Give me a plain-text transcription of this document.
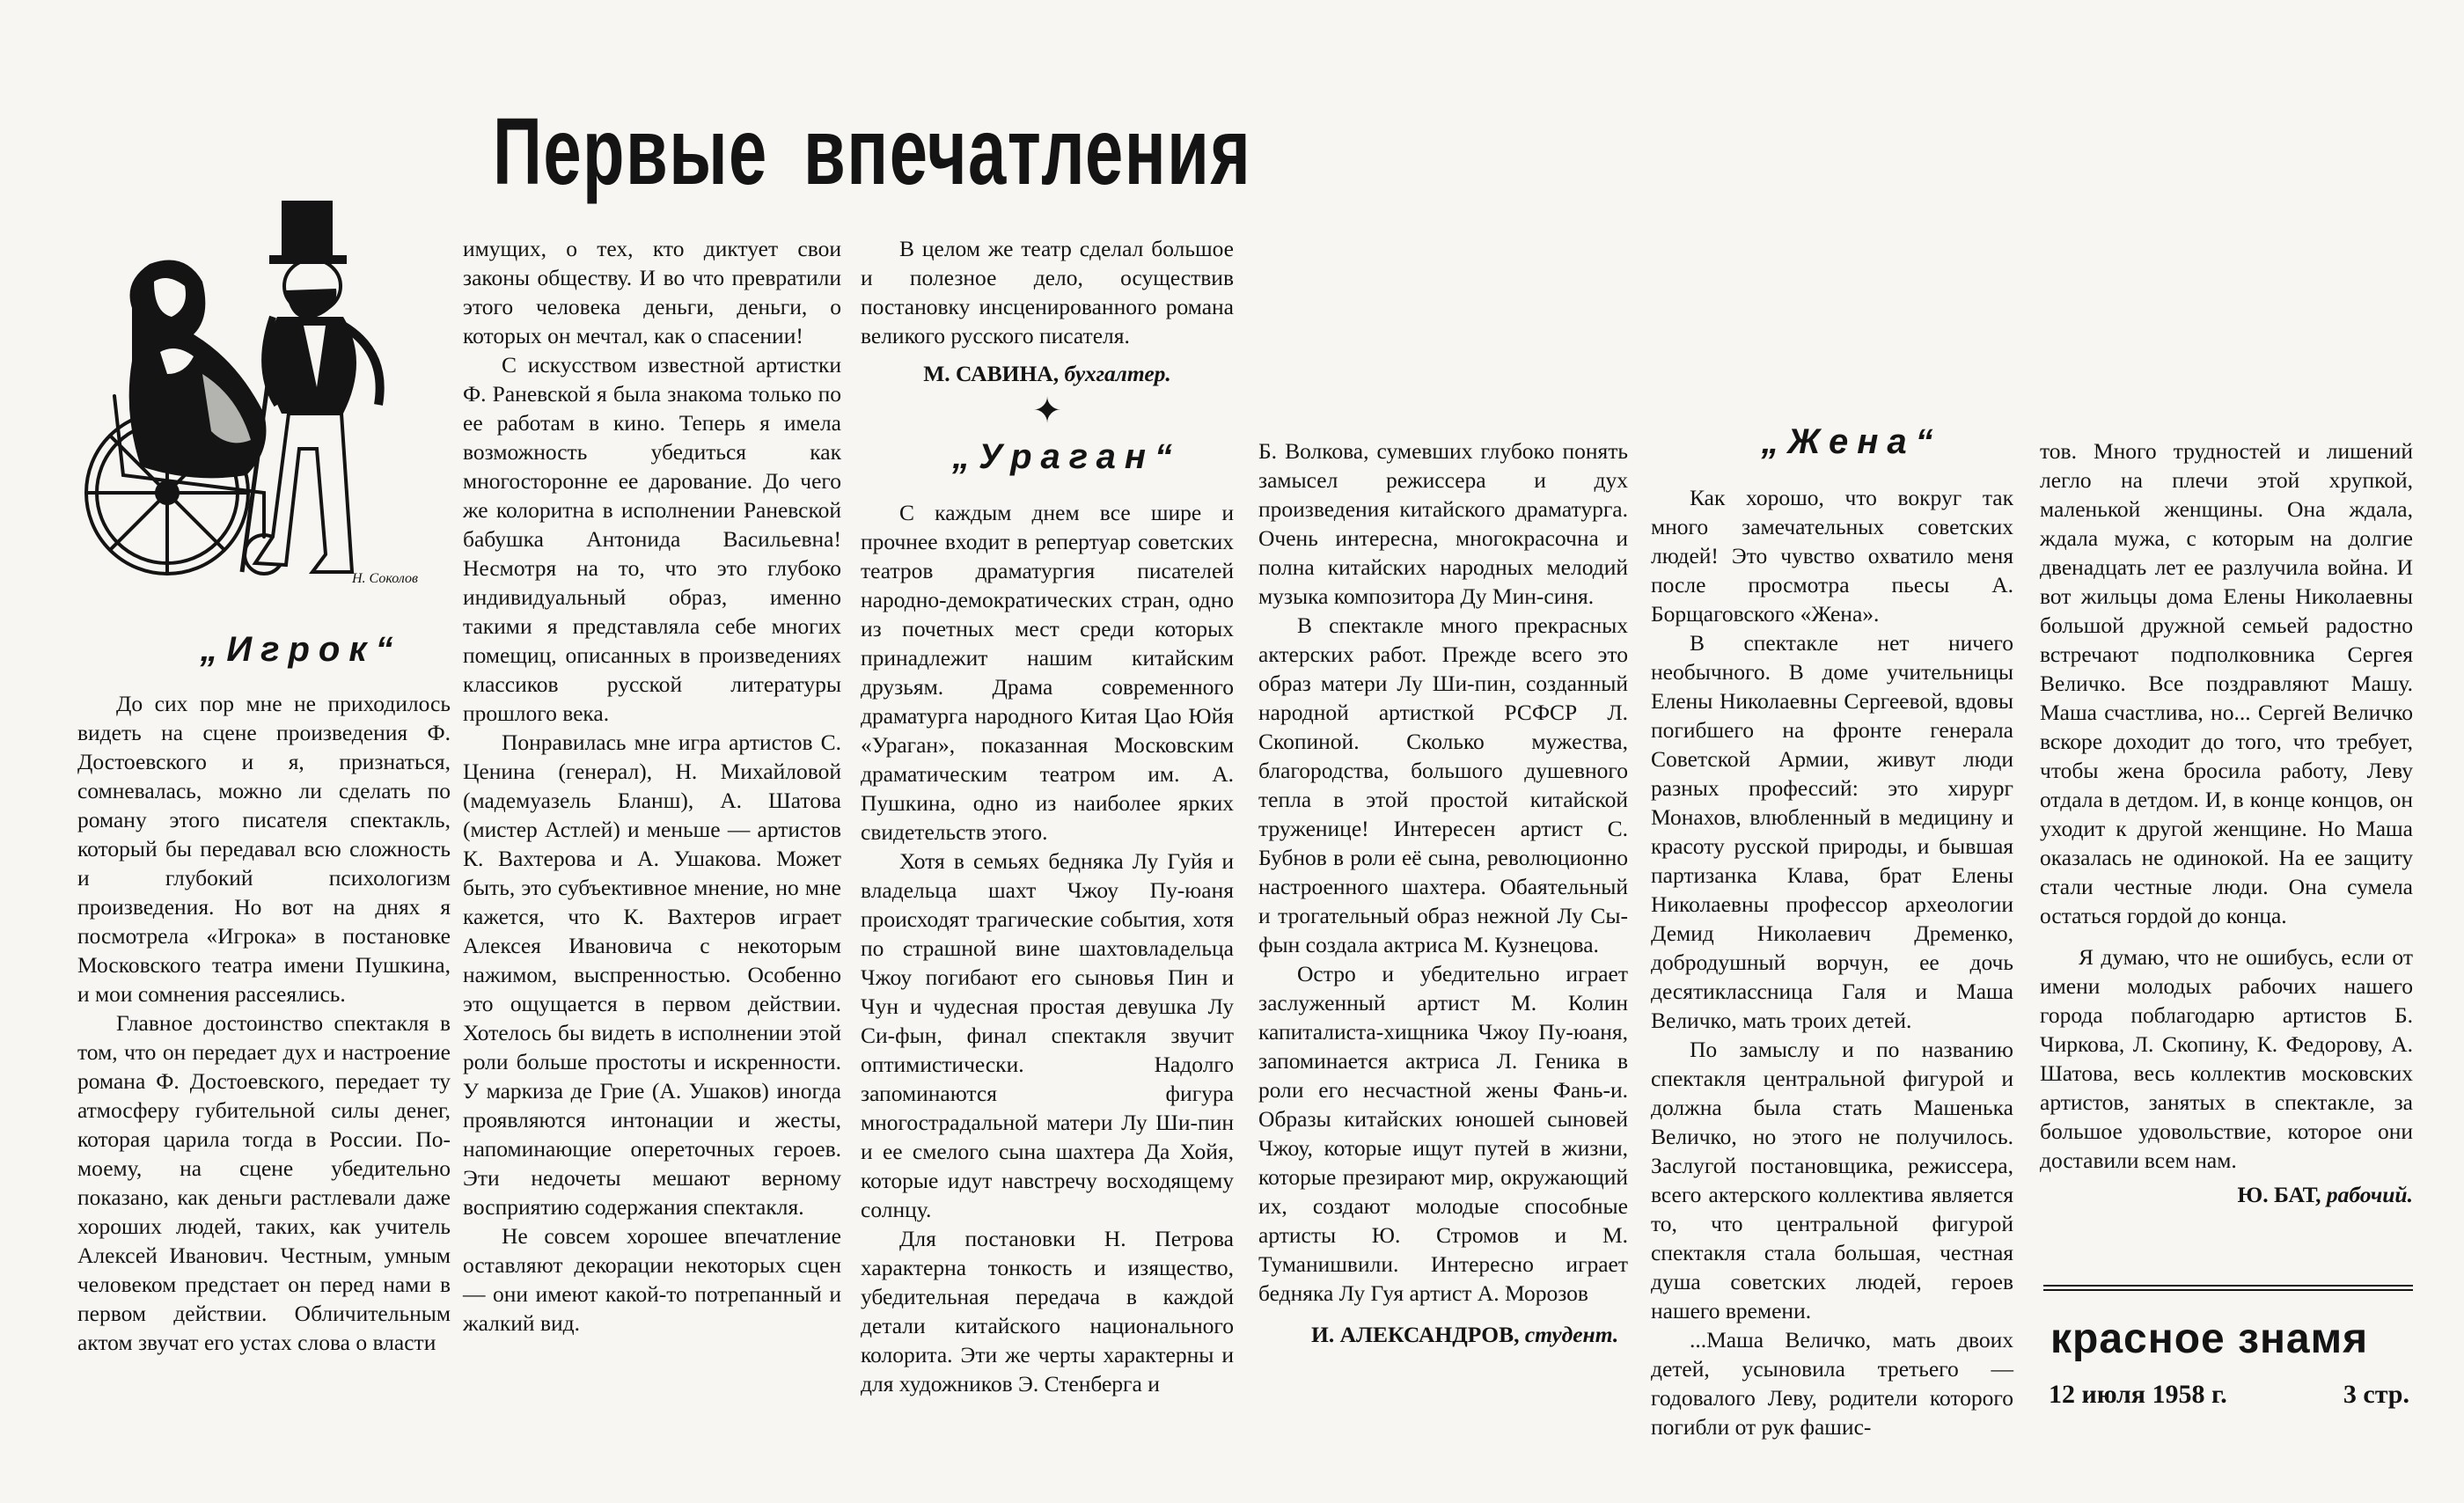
Первые впечатления
Н. Соколов

„Игрок“

До сих пор мне не приходилось видеть на сцене произведения Ф. Достоевского и я, признаться, сомневалась, можно ли сделать по роману этого писателя спектакль, который бы передавал всю сложность и глубокий психологизм произведения. Но вот на днях я посмотрела «Игрока» в постановке Московского театра имени Пушкина, и мои сомнения рассеялись.

Главное достоинство спектакля в том, что он передает дух и настроение романа Ф. Достоевского, передает ту атмосферу губительной силы денег, которая царила тогда в России. По-моему, на сцене убедительно показано, как деньги растлевали даже хороших людей, таких, как учитель Алексей Иванович. Честным, умным человеком предстает он перед нами в первом действии. Обличительным актом звучат его устах слова о власти

имущих, о тех, кто диктует свои законы обществу. И во что превратили этого человека деньги, деньги, о которых он мечтал, как о спасении!

С искусством известной артистки Ф. Раневской я была знакома только по ее работам в кино. Теперь я имела возможность убедиться как многосторонне ее дарование. До чего же колоритна в исполнении Раневской бабушка Антонида Васильевна! Несмотря на то, что это глубоко индивидуальный образ, именно такими я представляла себе многих помещиц, описанных в произведениях классиков русской литературы прошлого века.

Понравилась мне игра артистов С. Ценина (генерал), Н. Михайловой (мадемуазель Бланш), А. Шатова (мистер Астлей) и меньше — артистов К. Вахтерова и А. Ушакова. Может быть, это субъективное мнение, но мне кажется, что К. Вахтеров играет Алексея Ивановича с некоторым нажимом, выспренностью. Особенно это ощущается в первом действии. Хотелось бы видеть в исполнении этой роли больше простоты и искренности. У маркиза де Грие (А. Ушаков) иногда проявляются интонации и жесты, напоминающие опереточных героев. Эти недочеты мешают верному восприятию содержания спектакля.

Не совсем хорошее впечатление оставляют декорации некоторых сцен — они имеют какой-то потрепанный и жалкий вид.

В целом же театр сделал большое и полезное дело, осуществив постановку инсценированного романа великого русского писателя.

М. САВИНА, бухгалтер.

✦

„Ураган“

С каждым днем все шире и прочнее входит в репертуар советских театров драматургия писателей народно-демократических стран, одно из почетных мест среди которых принадлежит нашим китайским друзьям. Драма современного драматурга народного Китая Цао Юйя «Ураган», показанная Московским драматическим театром им. А. Пушкина, одно из наиболее ярких свидетельств этого.

Хотя в семьях бедняка Лу Гуйя и владельца шахт Чжоу Пу-юаня происходят трагические события, хотя по страшной вине шахтовладельца Чжоу погибают его сыновья Пин и Чун и чудесная простая девушка Лу Си-фын, финал спектакля звучит оптимистически. Надолго запоминаются фигура многострадальной матери Лу Ши-пин и ее смелого сына шахтера Да Хойя, которые идут навстречу восходящему солнцу.

Для постановки Н. Петрова характерна тонкость и изящество, убедительная передача в каждой детали китайского национального колорита. Эти же черты характерны и для художников Э. Стенберга и

Б. Волкова, сумевших глубоко понять замысел режиссера и дух произведения китайского драматурга. Очень интересна, многокрасочна и полна китайских народных мелодий музыка композитора Ду Мин-синя.

В спектакле много прекрасных актерских работ. Прежде всего это образ матери Лу Ши-пин, созданный народной артисткой РСФСР Л. Скопиной. Сколько мужества, благородства, большого душевного тепла в этой простой китайской труженице! Интересен артист С. Бубнов в роли её сына, революционно настроенного шахтера. Обаятельный и трогательный образ нежной Лу Сы-фын создала актриса М. Кузнецова.

Остро и убедительно играет заслуженный артист М. Колин капиталиста-хищника Чжоу Пу-юаня, запоминается актриса Л. Геника в роли его несчастной жены Фань-и. Образы китайских юношей сыновей Чжоу, которые ищут путей в жизни, которые презирают мир, окружающий их, создают молодые способные артисты Ю. Стромов и М. Туманишвили. Интересно играет бедняка Лу Гуя артист А. Морозов

И. АЛЕКСАНДРОВ, студент.

„Жена“

Как хорошо, что вокруг так много замечательных советских людей! Это чувство охватило меня после просмотра пьесы А. Борщаговского «Жена».

В спектакле нет ничего необычного. В доме учительницы Елены Николаевны Сергеевой, вдовы погибшего на фронте генерала Советской Армии, живут люди разных профессий: это хирург Монахов, влюбленный в медицину и красоту русской природы, и бывшая партизанка Клава, брат Елены Николаевны профессор археологии Демид Николаевич Дременко, добродушный ворчун, ее дочь десятиклассница Галя и Маша Величко, мать троих детей.

По замыслу и по названию спектакля центральной фигурой и должна была стать Машенька Величко, но этого не получилось. Заслугой постановщика, режиссера, всего актерского коллектива является то, что центральной фигурой спектакля стала большая, честная душа советских людей, героев нашего времени.

...Маша Величко, мать двоих детей, усыновила третьего — годовалого Леву, родители которого погибли от рук фашис-

тов. Много трудностей и лишений легло на плечи этой хрупкой, маленькой женщины. Она ждала, ждала мужа, с которым на долгие двенадцать лет ее разлучила война. И вот жильцы дома Елены Николаевны большой дружной семьей радостно встречают подполковника Сергея Величко. Все поздравляют Машу. Маша счастлива, но... Сергей Величко вскоре доходит до того, что требует, чтобы жена бросила работу, Леву отдала в детдом. И, в конце концов, он уходит к другой женщине. Но Маша оказалась не одинокой. На ее защиту стали честные люди. Она сумела остаться гордой до конца.

Я думаю, что не ошибусь, если от имени молодых рабочих нашего города поблагодарю артистов Б. Чиркова, Л. Скопину, К. Федорову, А. Шатова, весь коллектив московских артистов, занятых в спектакле, за большое удовольствие, которое они доставили всем нам.

Ю. БАТ, рабочий.

красное знамя
12 июля 1958 г.	3 стр.
